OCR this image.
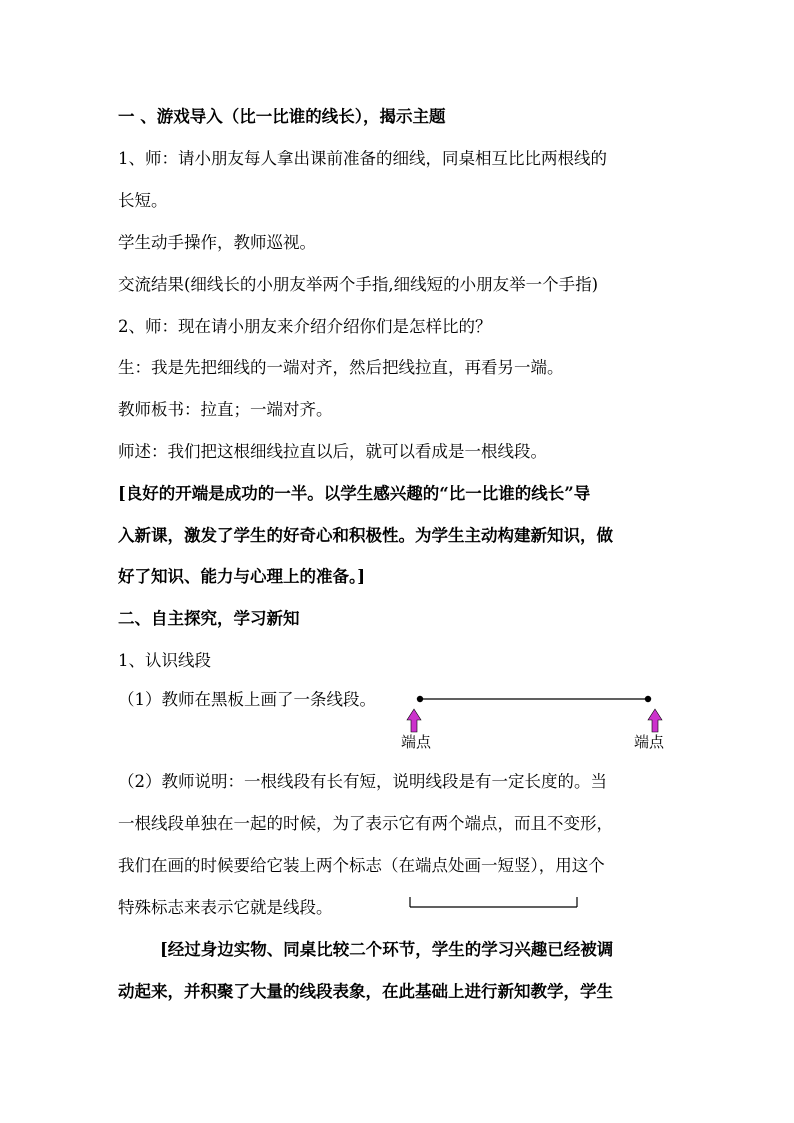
一 、游戏导入（比一比谁的线长），揭示主题
1、师：请小朋友每人拿出课前准备的细线，同桌相互比比两根线的
长短。
学生动手操作，教师巡视。
交流结果(细线长的小朋友举两个手指,细线短的小朋友举一个手指)
2、师：现在请小朋友来介绍介绍你们是怎样比的？
生：我是先把细线的一端对齐，然后把线拉直，再看另一端。
教师板书：拉直；一端对齐。
师述：我们把这根细线拉直以后，就可以看成是一根线段。
[良好的开端是成功的一半。以学生感兴趣的“比一比谁的线长”导
入新课，激发了学生的好奇心和积极性。为学生主动构建新知识，做
好了知识、能力与心理上的准备。]
二、自主探究，学习新知
1、认识线段
（1）教师在黑板上画了一条线段。
端点	端点
（2）教师说明：一根线段有长有短，说明线段是有一定长度的。当
一根线段单独在一起的时候，为了表示它有两个端点，而且不变形，
我们在画的时候要给它装上两个标志（在端点处画一短竖），用这个
特殊标志来表示它就是线段。
[经过身边实物、同桌比较二个环节，学生的学习兴趣已经被调
动起来，并积聚了大量的线段表象，在此基础上进行新知教学，学生
